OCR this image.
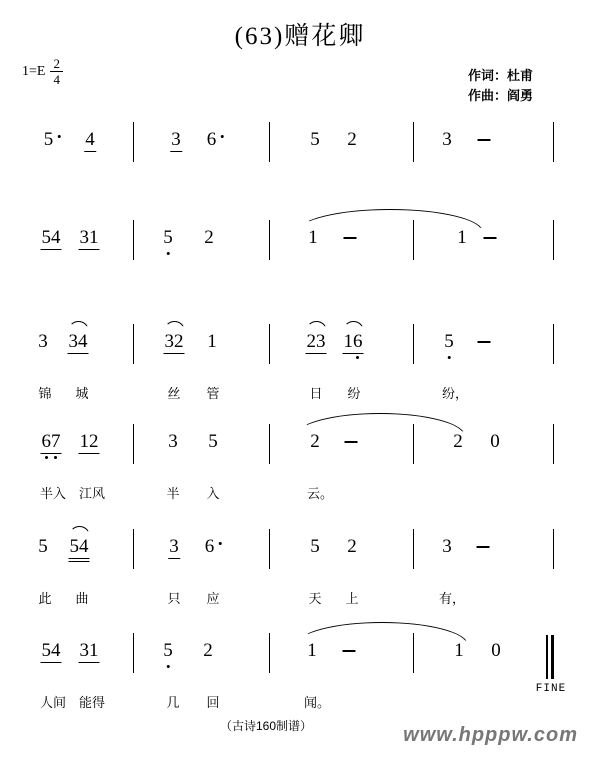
(63)赠花卿
$1=E \frac{2}{4}$	作词：杜甫
作曲：阎勇
5	4	3 6	5 2	3
54 31	5 2	1	1
3 34	32 1	23 16	5
锦 城	丝 管	日 纷	纷，
6
7 12	3 5	2	2 0
半入 江风	半 入	云。
5 54	3 6	5 2	3
此 曲	只 应	天 上	有，
FINE
54 31	5 2	1	1 0
人间 能得	几 回	闻。
（古诗160制谱）	www.hpppw.com
